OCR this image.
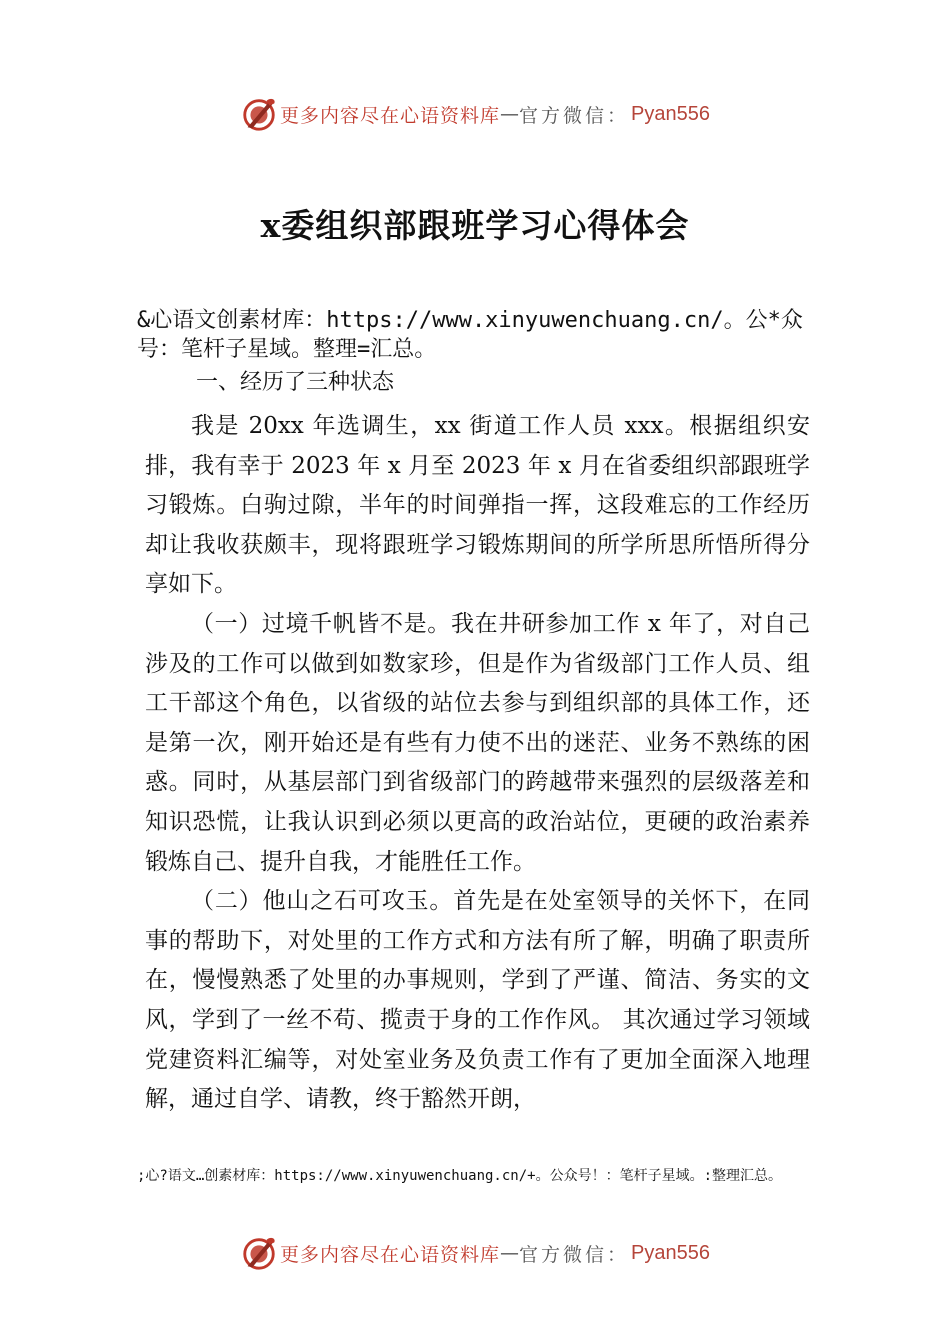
更多内容尽在心语资料库 — 官方微信： Pyan556
x委组织部跟班学习心得体会
&心语文创素材库：https://www.xinyuwenchuang.cn/。公*众号：笔杆子星域。整理=汇总。
一、经历了三种状态

我是 20xx 年选调生，xx 街道工作人员 xxx。根据组织安排，我有幸于 2023 年 x 月至 2023 年 x 月在省委组织部跟班学习锻炼。白驹过隙，半年的时间弹指一挥，这段难忘的工作经历却让我收获颇丰，现将跟班学习锻炼期间的所学所思所悟所得分享如下。

（一）过境千帆皆不是。我在井研参加工作 x 年了，对自己涉及的工作可以做到如数家珍，但是作为省级部门工作人员、组工干部这个角色，以省级的站位去参与到组织部的具体工作，还是第一次，刚开始还是有些有力使不出的迷茫、业务不熟练的困惑。同时，从基层部门到省级部门的跨越带来强烈的层级落差和知识恐慌，让我认识到必须以更高的政治站位，更硬的政治素养锻炼自己、提升自我，才能胜任工作。

（二）他山之石可攻玉。首先是在处室领导的关怀下，在同事的帮助下，对处里的工作方式和方法有所了解，明确了职责所在，慢慢熟悉了处里的办事规则，学到了严谨、简洁、务实的文风，学到了一丝不苟、揽责于身的工作作风。 其次通过学习领域党建资料汇编等，对处室业务及负责工作有了更加全面深入地理解，通过自学、请教，终于豁然开朗，

;心?语文…创素材库：https://www.xinyuwenchuang.cn/+。公众号！：笔杆子星域。:整理汇总。
更多内容尽在心语资料库 — 官方微信： Pyan556
